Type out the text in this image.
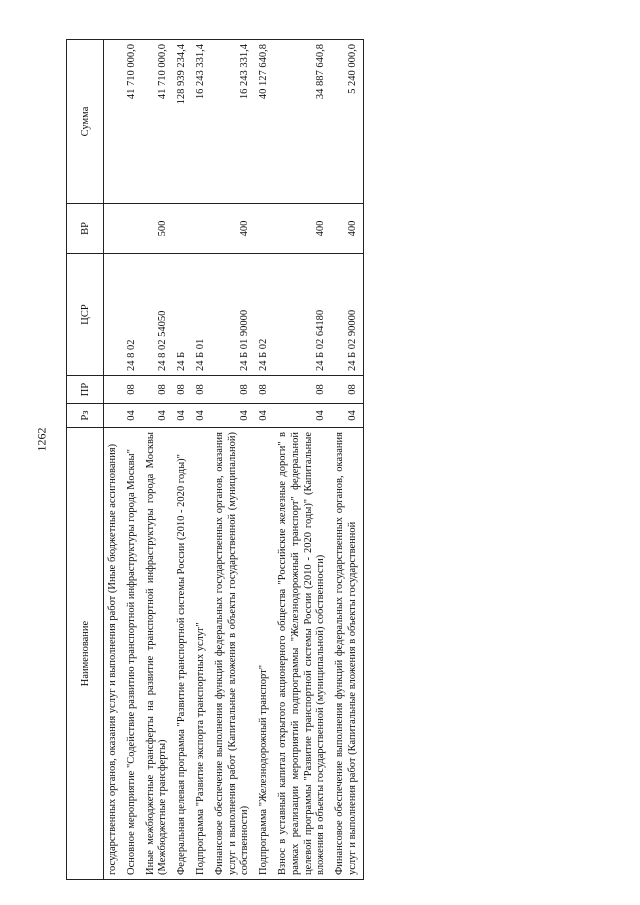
1262
Наименование	Рз	ПР	ЦСР	ВР	Сумма
государственных органов, оказания услуг и выполнения работ (Иные бюджетные ассигнования)					
Основное мероприятие "Содействие развитию транспортной инфраструктуры города Москвы"	04	08	24 8 02		41 710 000,0
Иные межбюджетные трансферты на развитие транспортной инфраструктуры города Москвы (Межбюджетные трансферты)	04	08	24 8 02 54050	500	41 710 000,0
Федеральная целевая программа "Развитие транспортной системы России (2010 - 2020 годы)"	04	08	24 Б		128 939 234,4
Подпрограмма "Развитие экспорта транспортных услуг"	04	08	24 Б 01		16 243 331,4
Финансовое обеспечение выполнения функций федеральных государственных органов, оказания услуг и выполнения работ (Капитальные вложения в объекты государственной (муниципальной) собственности)	04	08	24 Б 01 90000	400	16 243 331,4
Подпрограмма "Железнодорожный транспорт"	04	08	24 Б 02		40 127 640,8
Взнос в уставный капитал открытого акционерного общества "Российские железные дороги" в рамках реализации мероприятий подпрограммы "Железнодорожный транспорт" федеральной целевой программы "Развитие транспортной системы России (2010 - 2020 годы)" (Капитальные вложения в объекты государственной (муниципальной) собственности)	04	08	24 Б 02 64180	400	34 887 640,8
Финансовое обеспечение выполнения функций федеральных государственных органов, оказания услуг и выполнения работ (Капитальные вложения в объекты государственной	04	08	24 Б 02 90000	400	5 240 000,0
